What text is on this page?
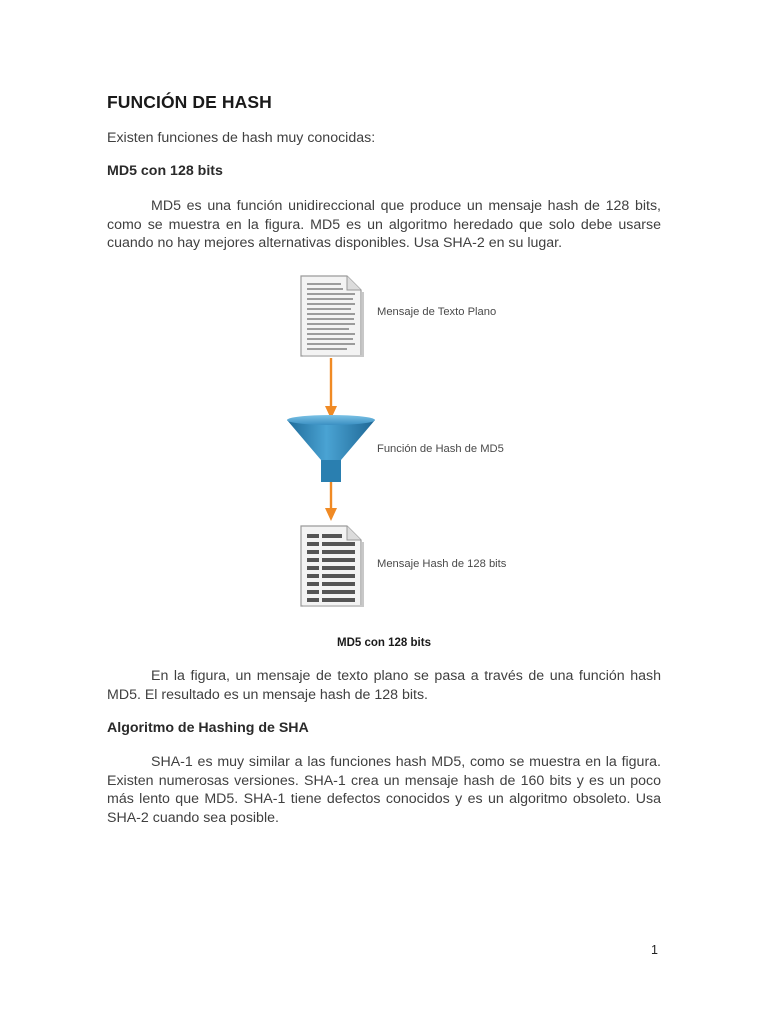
FUNCIÓN DE HASH

Existen funciones de hash muy conocidas:

MD5 con 128 bits

MD5 es una función unidireccional que produce un mensaje hash de 128 bits, como se muestra en la figura. MD5 es un algoritmo heredado que solo debe usarse cuando no hay mejores alternativas disponibles. Usa SHA-2 en su lugar.

En la figura, un mensaje de texto plano se pasa a través de una función hash MD5. El resultado es un mensaje hash de 128 bits.

Algoritmo de Hashing de SHA

SHA-1 es muy similar a las funciones hash MD5, como se muestra en la figura. Existen numerosas versiones. SHA-1 crea un mensaje hash de 160 bits y es un poco más lento que MD5. SHA-1 tiene defectos conocidos y es un algoritmo obsoleto. Usa SHA-2 cuando sea posible.

Mensaje de Texto Plano
Función de Hash de MD5
Mensaje Hash de 128 bits

MD5 con 128 bits

1
